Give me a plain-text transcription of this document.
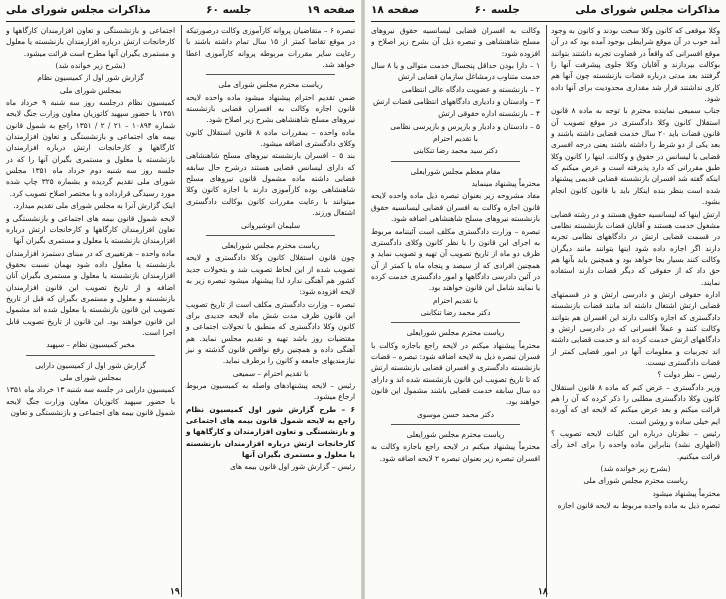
صفحه ۱۹
جلسه ۶۰
مذاکرات مجلس شورای ملی

تبصره ۶ – متقاضیان پروانه کارآموزی وکالت درصورتیکه در موقع تقاضا کمتر از ۱۵ سال تمام داشته باشند با رعایت سایر مقررات مربوطه پروانه کارآموزی اعطا خواهد شد.

ریاست محترم مجلس شورای ملی

ضمن تقدیم احترام پیشنهاد میشود ماده واحده لایحه قانون اجازه وکالت به افسران قضایی بازنشسته نیروهای مسلح شاهنشاهی بشرح زیر اصلاح شود.

ماده واحده – بمقررات ماده ۸ قانون استقلال کانون وکلای دادگستری اضافه میشود.

بند ۵ – افسران بازنشسته نیروهای مسلح شاهنشاهی که دارای لیسانس قضایی هستند درشرح حال سابقه قضایی داشته ماده مشمول قانون نیروهای مسلح شاهنشاهی بوده کارآموزی دارند با اجازه کانون وکلا میتوانند با رعایت مقررات کانون بوکالت دادگستری اشتغال ورزند.

سلیمان انوشیروانی

ریاست محترم مجلس شورایعلی

چون قانون استقلال کانون وکلا دادگستری و لایحه تصویب شده از این لحاظ تصویب شد و بتحولات جدید کشور هم آهنگی ندارد لذا پیشنهاد میشود تبصره زیر به لایحه افزوده شود:

تبصره – وزارت دادگستری مکلف است از تاریخ تصویب این قانون ظرف مدت شش ماه لایحه جدیدی برای کانون وکلا دادگستری که منطبق با تحولات اجتماعی و مقتضیات روز باشد تهیه و تقدیم مجلس نماید. هم آهنگی داده و همچنین رفع نواقص قانون گذشته و نیز نیازمندیهای جامعه و کانون را برطرف نماید.

با تقدیم احترام – سمیعی

رئیس – لایحه پیشنهادهای واصله به کمیسیون مربوط ارجاع میشود.

۶ – طرح گزارش شور اول کمیسیون نظام راجع به لایحه شمول قانون بیمه های اجتماعی و بازنشستگی و تعاون افزارمندان و کارگاهها و کارخانجات ارتش درباره افزارمندان بازنشسته یا معلول و مستمری بگیران آنها

رئیس – گزارش شور اول قانون بیمه های

اجتماعی و بازنشستگی و تعاون افزارمندان کارگاهها و کارخانجات ارتش درباره افزارمندان بازنشسته یا معلول و مستمری بگیران آنها مطرح است قرائت میشود.

(بشرح زیر خوانده شد)

گزارش شور اول از کمیسیون نظام

بمجلس شورای ملی

کمیسیون نظام درجلسه روز سه شنبه ۹ خرداد ماه ۱۳۵۱ با حضور سپهبد کاتوزیان معاون وزارت جنگ لایحه شماره ۱۰۸۹۴ – ۲۱ / ۲ / ۱۳۵۱ راجع به شمول قانون بیمه های اجتماعی و بازنشستگی و تعاون افزارمندان کارگاهها و کارخانجات ارتش درباره افزارمندان بازنشسته یا معلول و مستمری بگیران آنها را که در جلسه روز سه شنبه دوم خرداد ماه ۱۳۵۱ مجلس شورای ملی تقدیم گردیده و بشماره ۳۲۵ چاپ شده مورد رسیدگی قرارداده و با مختصر اصلاح تصویب کرد.

اینک گزارش آنرا به مجلس شورای ملی تقدیم میدارد.

لایحه شمول قانون بیمه های اجتماعی و بازنشستگی و تعاون افزارمندان کارگاهها و کارخانجات ارتش درباره افزارمندان بازنشسته یا معلول و مستمری بگیران آنها

ماده واحده – هرتغییری که در مبنای دستمزد افزارمندان بازنشسته یا معلول داده شود بهمان نسبت بحقوق افزارمندان بازنشسته یا معلول و مستمری بگیران آنان اضافه و از تاریخ تصویب این قانون افزارمندان بازنشسته و معلول و مستمری بگیران که قبل از تاریخ تصویب این قانون بازنشسته یا معلول شده اند مشمول این قانون خواهند بود. این قانون از تاریخ تصویب قابل اجرا است.

مخبر کمیسیون نظام – سپهبد

گزارش شور اول از کمیسیون دارایی

بمجلس شورای ملی

کمیسیون دارایی در جلسه سه شنبه ۱۳ خرداد ماه ۱۳۵۱ با حضور سپهبد کاتوزیان معاون وزارت جنگ لایحه شمول قانون بیمه های اجتماعی و بازنشستگی و تعاون

۱۹
مذاکرات مجلس شورای ملی
جلسه ۶۰
صفحه ۱۸

وکلا موقعی که کانون وکلا سخت بودند و کانون به وجود آمد خوب در آن موقع شرایطی بوجود آمده بود که در آن موقع افسرانی که واقعاً در قضاوت تجربه داشتند بتوانند بوکالت بپردازند و آقایان وکلا جلوی پیشرفت آنها را گرفتند بعد مدتی درباره قضات بازنشسته چون آنها هم کاری نداشتند قرار شد مقداری محدودیت برای آنها داده شود.

جناب سمیعی نماینده محترم با توجه به ماده ۸ قانون استقلال کانون وکلا دادگستری در موقع تصویب آن قانون قضات باید ۲۰ سال خدمت قضایی داشته باشند و بعد یکی از دو شرط را داشته باشند یعنی درجه افسری قضایی یا لیسانس در حقوق و وکالت. اینها را کانون وکلا طبق مقرراتی که دارد پذیرفته است و عرض میکنم که اینکه گفته شد افسران بازنشسته قضایی قدیمی پیشنهاد شده است بنظر بنده اینکار باید با قانون کانون انجام بشود.

ارتش اینها که لیسانسیه حقوق هستند و در رشته قضایی مشغول خدمت هستند و آقایان قضات بازنشسته نظامی در قسمت قضایی ارتش در دادگاههای نظامی تجربه دارند اگر اجازه داده شود اینها بتوانند مانند دیگران وکالت کنند بسیار بجا خواهد بود و همچنین باید بآنها هم حق داد که از حقوقی که دیگر قضات دارند استفاده نمایند.

اداره حقوقی ارتش و دادرسی ارتش و در قسمتهای قضایی ارتش اشتغال داشته اند مانند قضات بازنشسته دادگستری که اجازه وکالت دارند این افسران هم بتوانند وکالت کنند و عملاً افسرانی که در دادرسی ارتش و دادگاههای ارتش خدمت کرده اند و خدمت قضایی داشته اند تجربیات و معلومات آنها در امور قضایی کمتر از قضات دادگستری نیست.

رئیس – نظر دولت ؟

وزیر دادگستری – عرض کنم که ماده ۸ قانون استقلال کانون وکلا دادگستری مطلبی را ذکر کرده که آن را هم قرائت میکنم و بعد عرض میکنم که لایحه ای که آورده ایم خیلی ساده و روشن است.

رئیس – نظرتان درباره این کلیات لایحه تصویب ؟ (اظهاری نشد) بنابراین ماده واحده را برای اخذ رأی قرائت میکنیم.

(بشرح زیر خوانده شد)

ریاست محترم مجلس شورای ملی

محترماً پیشنهاد میشود

تبصره ذیل به ماده واحده مربوط به لایحه قانون اجازه

وکالت به افسران قضایی لیسانسیه حقوق نیروهای مسلح شاهنشاهی و تبصره ذیل آن بشرح زیر اصلاح و افزوده شود:

۱ – دارا بودن حداقل پنجسال خدمت متوالی و یا ۸ سال خدمت متناوب درمشاغل سازمان قضایی ارتش

۲ – بازنشسته و عضویت دادگاه عالی انتظامی

۳ – وادستان و دادیاری دادگاههای انتظامی قضات ارتش

۴ – بازنشسته اداره حقوقی ارتش

۵ – دادستان و دادیار و بازپرس و بازپرسی نظامی

با تقدیم احترام

دکتر سید محمد رضا تنکابنی

مقام معظم مجلس شورایعلی

محترماً پیشنهاد مینماید

مفاد مشروحه زیر بعنوان تبصره ذیل ماده واحده لایحه قانون اجازه وکالت به افسران قضایی لیسانسیه حقوق بازنشسته نیروهای مسلح شاهنشاهی اضافه شود.

تبصره – وزارت دادگستری مکلف است آئیننامه مربوط به اجرای این قانون را با نظر کانون وکلای دادگستری ظرف دو ماه از تاریخ تصویب آن تهیه و تصویب نماید و همچنین افرادی که از سیصد و پنجاه ماه یا کمتر از آن در آئین دادرسی دادگاهها و امور دادگستری خدمت کرده یا نمایند شامل این قانون خواهند بود.

با تقدیم احترام

دکتر محمد رضا تنکابنی

ریاست محترم مجلس شورایعلی

محترماً پیشنهاد میکنم در لایحه راجع باجازه وکالت با فسران تبصره ذیل به لایحه اضافه شود: تبصره – قضات بازنشسته دادگستری و افسران قضایی بازنشسته ارتش که تا تاریخ تصویب این قانون بازنشسته شده اند و دارای ده سال سابقه خدمت قضایی باشند مشمول این قانون خواهند بود.

دکتر محمد حسن موسوی

ریاست محترم مجلس شورایعلی

محترماً پیشنهاد میکنم در لایحه راجع باجازه وکالت به افسران تبصره زیر بعنوان تبصره ۲ لایحه اضافه شود.

۱۸
